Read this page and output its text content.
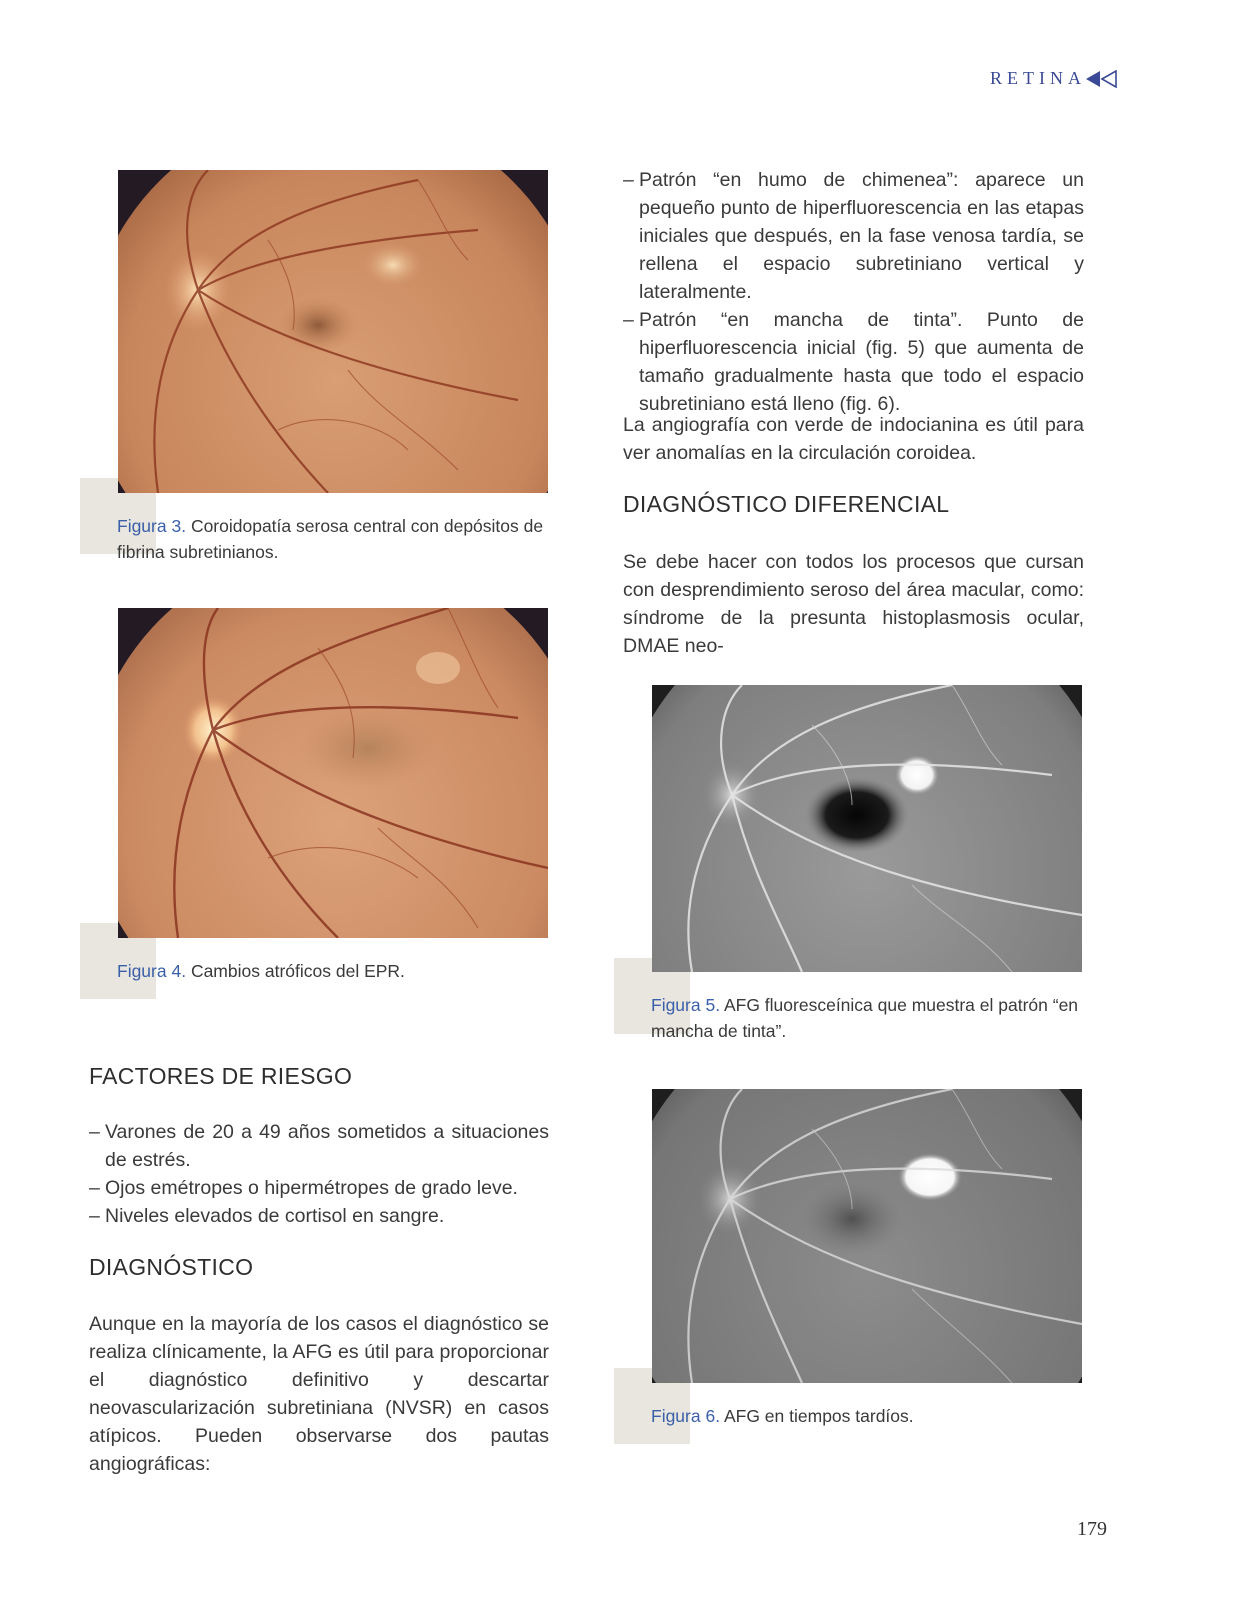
RETINA
Figura 3. Coroidopatía serosa central con depósitos de fibrina subretinianos.
Figura 4. Cambios atróficos del EPR.
FACTORES DE RIESGO
– Varones de 20 a 49 años sometidos a situaciones de estrés.
– Ojos emétropes o hipermétropes de grado leve.
– Niveles elevados de cortisol en sangre.
DIAGNÓSTICO

Aunque en la mayoría de los casos el diagnóstico se realiza clínicamente, la AFG es útil para proporcionar el diagnóstico definitivo y descartar neovascularización subretiniana (NVSR) en casos atípicos. Pueden observarse dos pautas angiográficas:

– Patrón “en humo de chimenea”: aparece un pequeño punto de hiperfluorescencia en las etapas iniciales que después, en la fase venosa tardía, se rellena el espacio subretiniano vertical y lateralmente.
– Patrón “en mancha de tinta”. Punto de hiperfluorescencia inicial (fig. 5) que aumenta de tamaño gradualmente hasta que todo el espacio subretiniano está lleno (fig. 6).

La angiografía con verde de indocianina es útil para ver anomalías en la circulación coroidea.

DIAGNÓSTICO DIFERENCIAL

Se debe hacer con todos los procesos que cursan con desprendimiento seroso del área macular, como: síndrome de la presunta histoplasmosis ocular, DMAE neo-

Figura 5. AFG fluoresceínica que muestra el patrón “en mancha de tinta”.
Figura 6. AFG en tiempos tardíos.
179
